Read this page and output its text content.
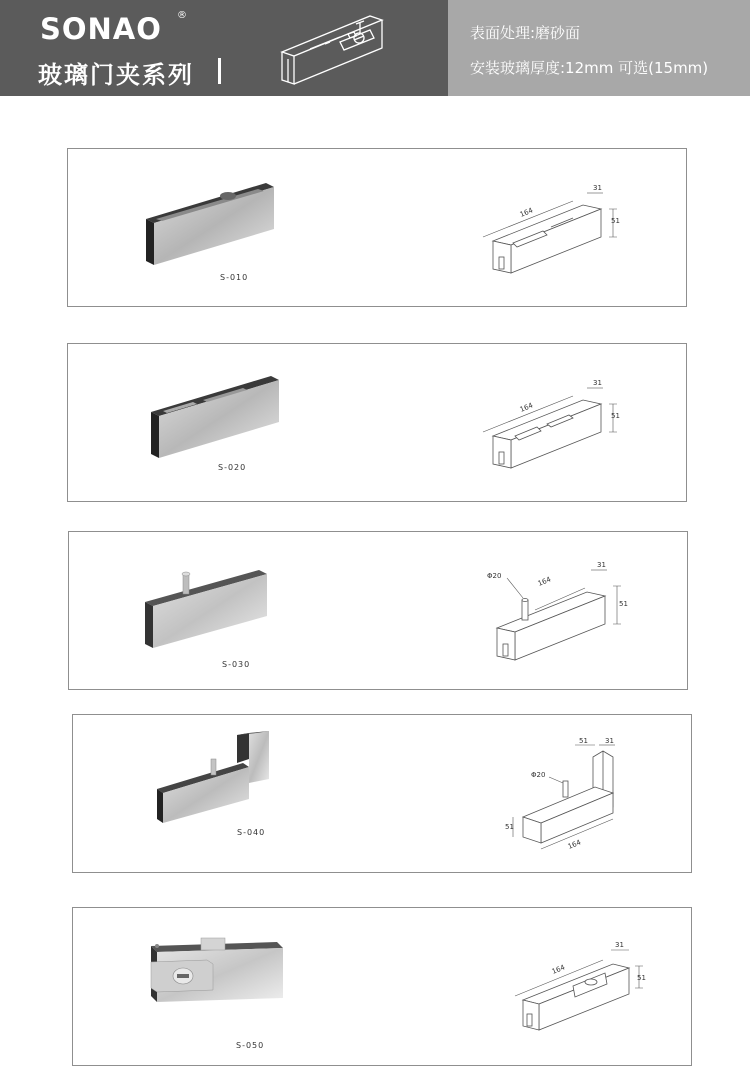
SONAO ®
玻璃门夹系列
表面处理:磨砂面
安装玻璃厚度:12mm 可选(15mm)
S-010
164
31
51
S-020
164
31
51
S-030
Φ20	164
31
51
S-040
51 31
Φ20
51
164
S-050
164
31
51
